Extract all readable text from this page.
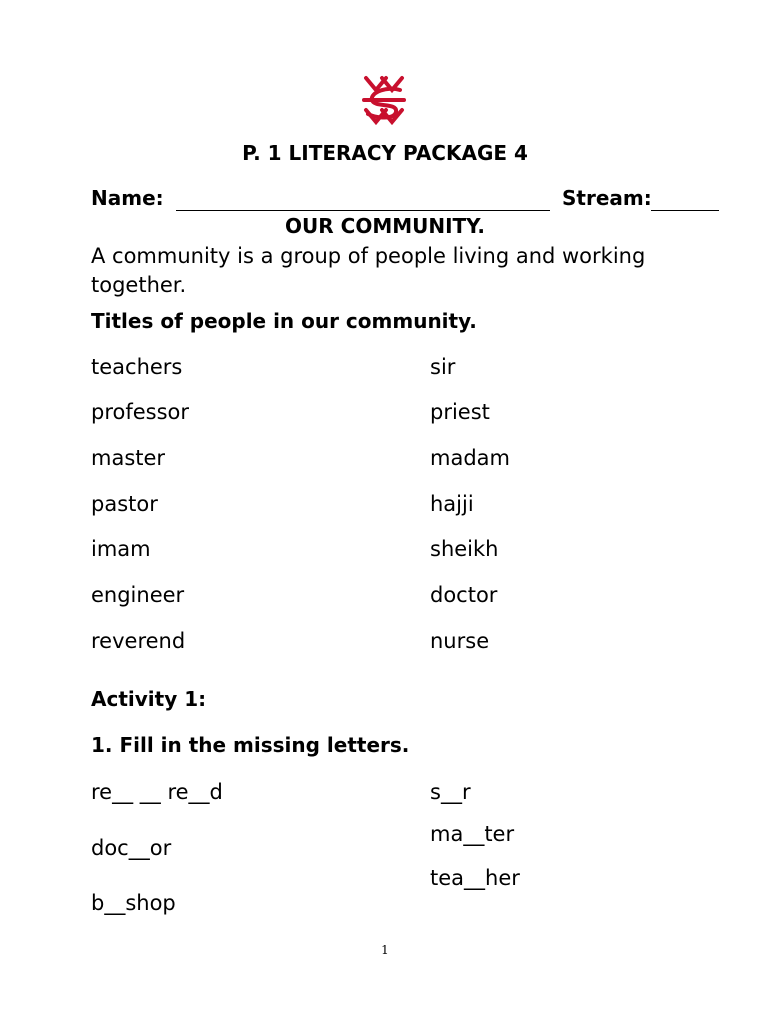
P. 1 LITERACY PACKAGE 4
Name:	Stream:
OUR COMMUNITY.
A community is a group of people living and working together.
Titles of people in our community.
teachers
professor
master
pastor
imam
engineer
reverend
sir
priest
madam
hajji
sheikh
doctor
nurse
Activity 1:
1. Fill in the missing letters.
re__ __ re__d
doc__or
b__shop
s__r
ma__ter
tea__her
1
